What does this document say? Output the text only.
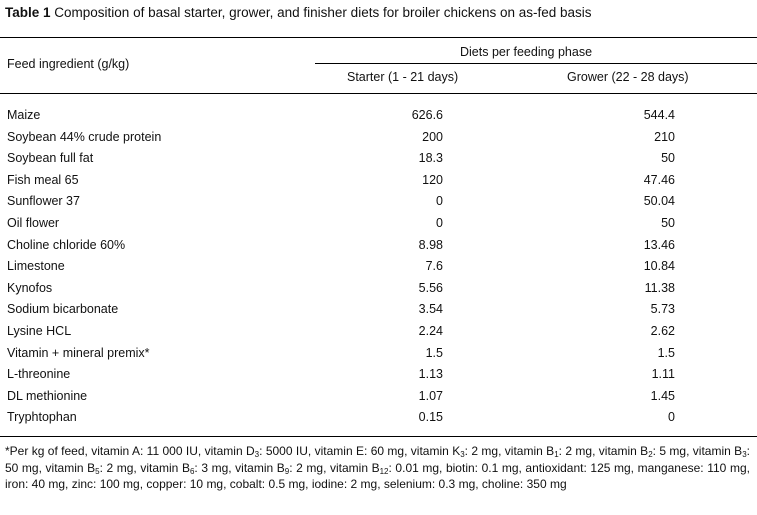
Table 1 Composition of basal starter, grower, and finisher diets for broiler chickens on as-fed basis
Feed ingredient (g/kg)
Diets per feeding phase
Starter (1 - 21 days)	Grower (22 - 28 days)
Maize	626.6	544.4
Soybean 44% crude protein	200	210
Soybean full fat	18.3	50
Fish meal 65	120	47.46
Sunflower 37	0	50.04
Oil flower	0	50
Choline chloride 60%	8.98	13.46
Limestone	7.6	10.84
Kynofos	5.56	11.38
Sodium bicarbonate	3.54	5.73
Lysine HCL	2.24	2.62
Vitamin + mineral premix*	1.5	1.5
L-threonine	1.13	1.11
DL methionine	1.07	1.45
Tryphtophan	0.15	0
*Per kg of feed, vitamin A: 11 000 IU, vitamin $D_3$: 5000 IU, vitamin E: 60 mg, vitamin $K_3$: 2 mg, vitamin $B_1$: 2 mg, vitamin $B_2$: 5 mg, vitamin $B_3$: 50 mg, vitamin $B_5$: 2 mg, vitamin $B_6$: 3 mg, vitamin $B_9$: 2 mg, vitamin $B_{12}$: 0.01 mg, biotin: 0.1 mg, antioxidant: 125 mg, manganese: 110 mg, iron: 40 mg, zinc: 100 mg, copper: 10 mg, cobalt: 0.5 mg, iodine: 2 mg, selenium: 0.3 mg, choline: 350 mg
